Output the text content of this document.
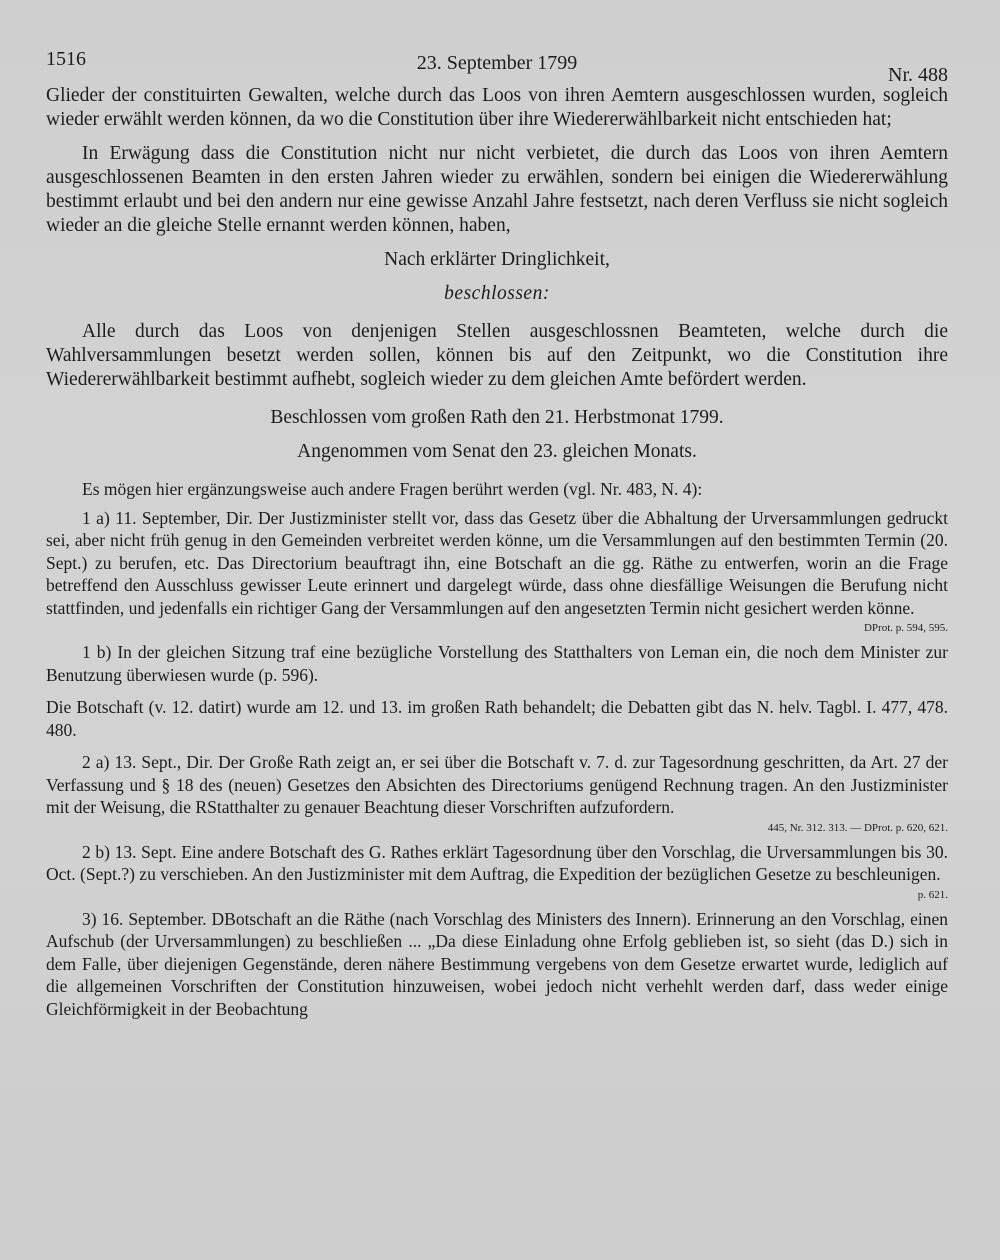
1516	23. September 1799
Nr. 488

Glieder der constituirten Gewalten, welche durch das Loos von ihren Aemtern ausgeschlossen wurden, sogleich wieder erwählt werden können, da wo die Constitution über ihre Wiedererwählbarkeit nicht entschieden hat;

In Erwägung dass die Constitution nicht nur nicht verbietet, die durch das Loos von ihren Aemtern ausgeschlossenen Beamten in den ersten Jahren wieder zu erwählen, sondern bei einigen die Wiedererwählung bestimmt erlaubt und bei den andern nur eine gewisse Anzahl Jahre festsetzt, nach deren Verfluss sie nicht sogleich wieder an die gleiche Stelle ernannt werden können, haben,

Nach erklärter Dringlichkeit,

beschlossen:

Alle durch das Loos von denjenigen Stellen ausgeschlossnen Beamteten, welche durch die Wahlversammlungen besetzt werden sollen, können bis auf den Zeitpunkt, wo die Constitution ihre Wiedererwählbarkeit bestimmt aufhebt, sogleich wieder zu dem gleichen Amte befördert werden.

Beschlossen vom großen Rath den 21. Herbstmonat 1799.

Angenommen vom Senat den 23. gleichen Monats.

Es mögen hier ergänzungsweise auch andere Fragen berührt werden (vgl. Nr. 483, N. 4):

1 a) 11. September, Dir. Der Justizminister stellt vor, dass das Gesetz über die Abhaltung der Urversammlungen gedruckt sei, aber nicht früh genug in den Gemeinden verbreitet werden könne, um die Versammlungen auf den bestimmten Termin (20. Sept.) zu berufen, etc. Das Directorium beauftragt ihn, eine Botschaft an die gg. Räthe zu entwerfen, worin an die Frage betreffend den Ausschluss gewisser Leute erinnert und dargelegt würde, dass ohne diesfällige Weisungen die Berufung nicht stattfinden, und jedenfalls ein richtiger Gang der Versammlungen auf den angesetzten Termin nicht gesichert werden könne.

DProt. p. 594, 595.

1 b) In der gleichen Sitzung traf eine bezügliche Vorstellung des Statthalters von Leman ein, die noch dem Minister zur Benutzung überwiesen wurde (p. 596).

Die Botschaft (v. 12. datirt) wurde am 12. und 13. im großen Rath behandelt; die Debatten gibt das N. helv. Tagbl. I. 477, 478. 480.

2 a) 13. Sept., Dir. Der Große Rath zeigt an, er sei über die Botschaft v. 7. d. zur Tagesordnung geschritten, da Art. 27 der Verfassung und § 18 des (neuen) Gesetzes den Absichten des Directoriums genügend Rechnung tragen. An den Justizminister mit der Weisung, die RStatthalter zu genauer Beachtung dieser Vorschriften aufzufordern.

445, Nr. 312. 313. — DProt. p. 620, 621.

2 b) 13. Sept. Eine andere Botschaft des G. Rathes erklärt Tagesordnung über den Vorschlag, die Urversammlungen bis 30. Oct. (Sept.?) zu verschieben. An den Justizminister mit dem Auftrag, die Expedition der bezüglichen Gesetze zu beschleunigen.

p. 621.

3) 16. September. DBotschaft an die Räthe (nach Vorschlag des Ministers des Innern). Erinnerung an den Vorschlag, einen Aufschub (der Urversammlungen) zu beschließen ... „Da diese Einladung ohne Erfolg geblieben ist, so sieht (das D.) sich in dem Falle, über diejenigen Gegenstände, deren nähere Bestimmung vergebens von dem Gesetze erwartet wurde, lediglich auf die allgemeinen Vorschriften der Constitution hinzuweisen, wobei jedoch nicht verhehlt werden darf, dass weder einige Gleichförmigkeit in der Beobachtung
